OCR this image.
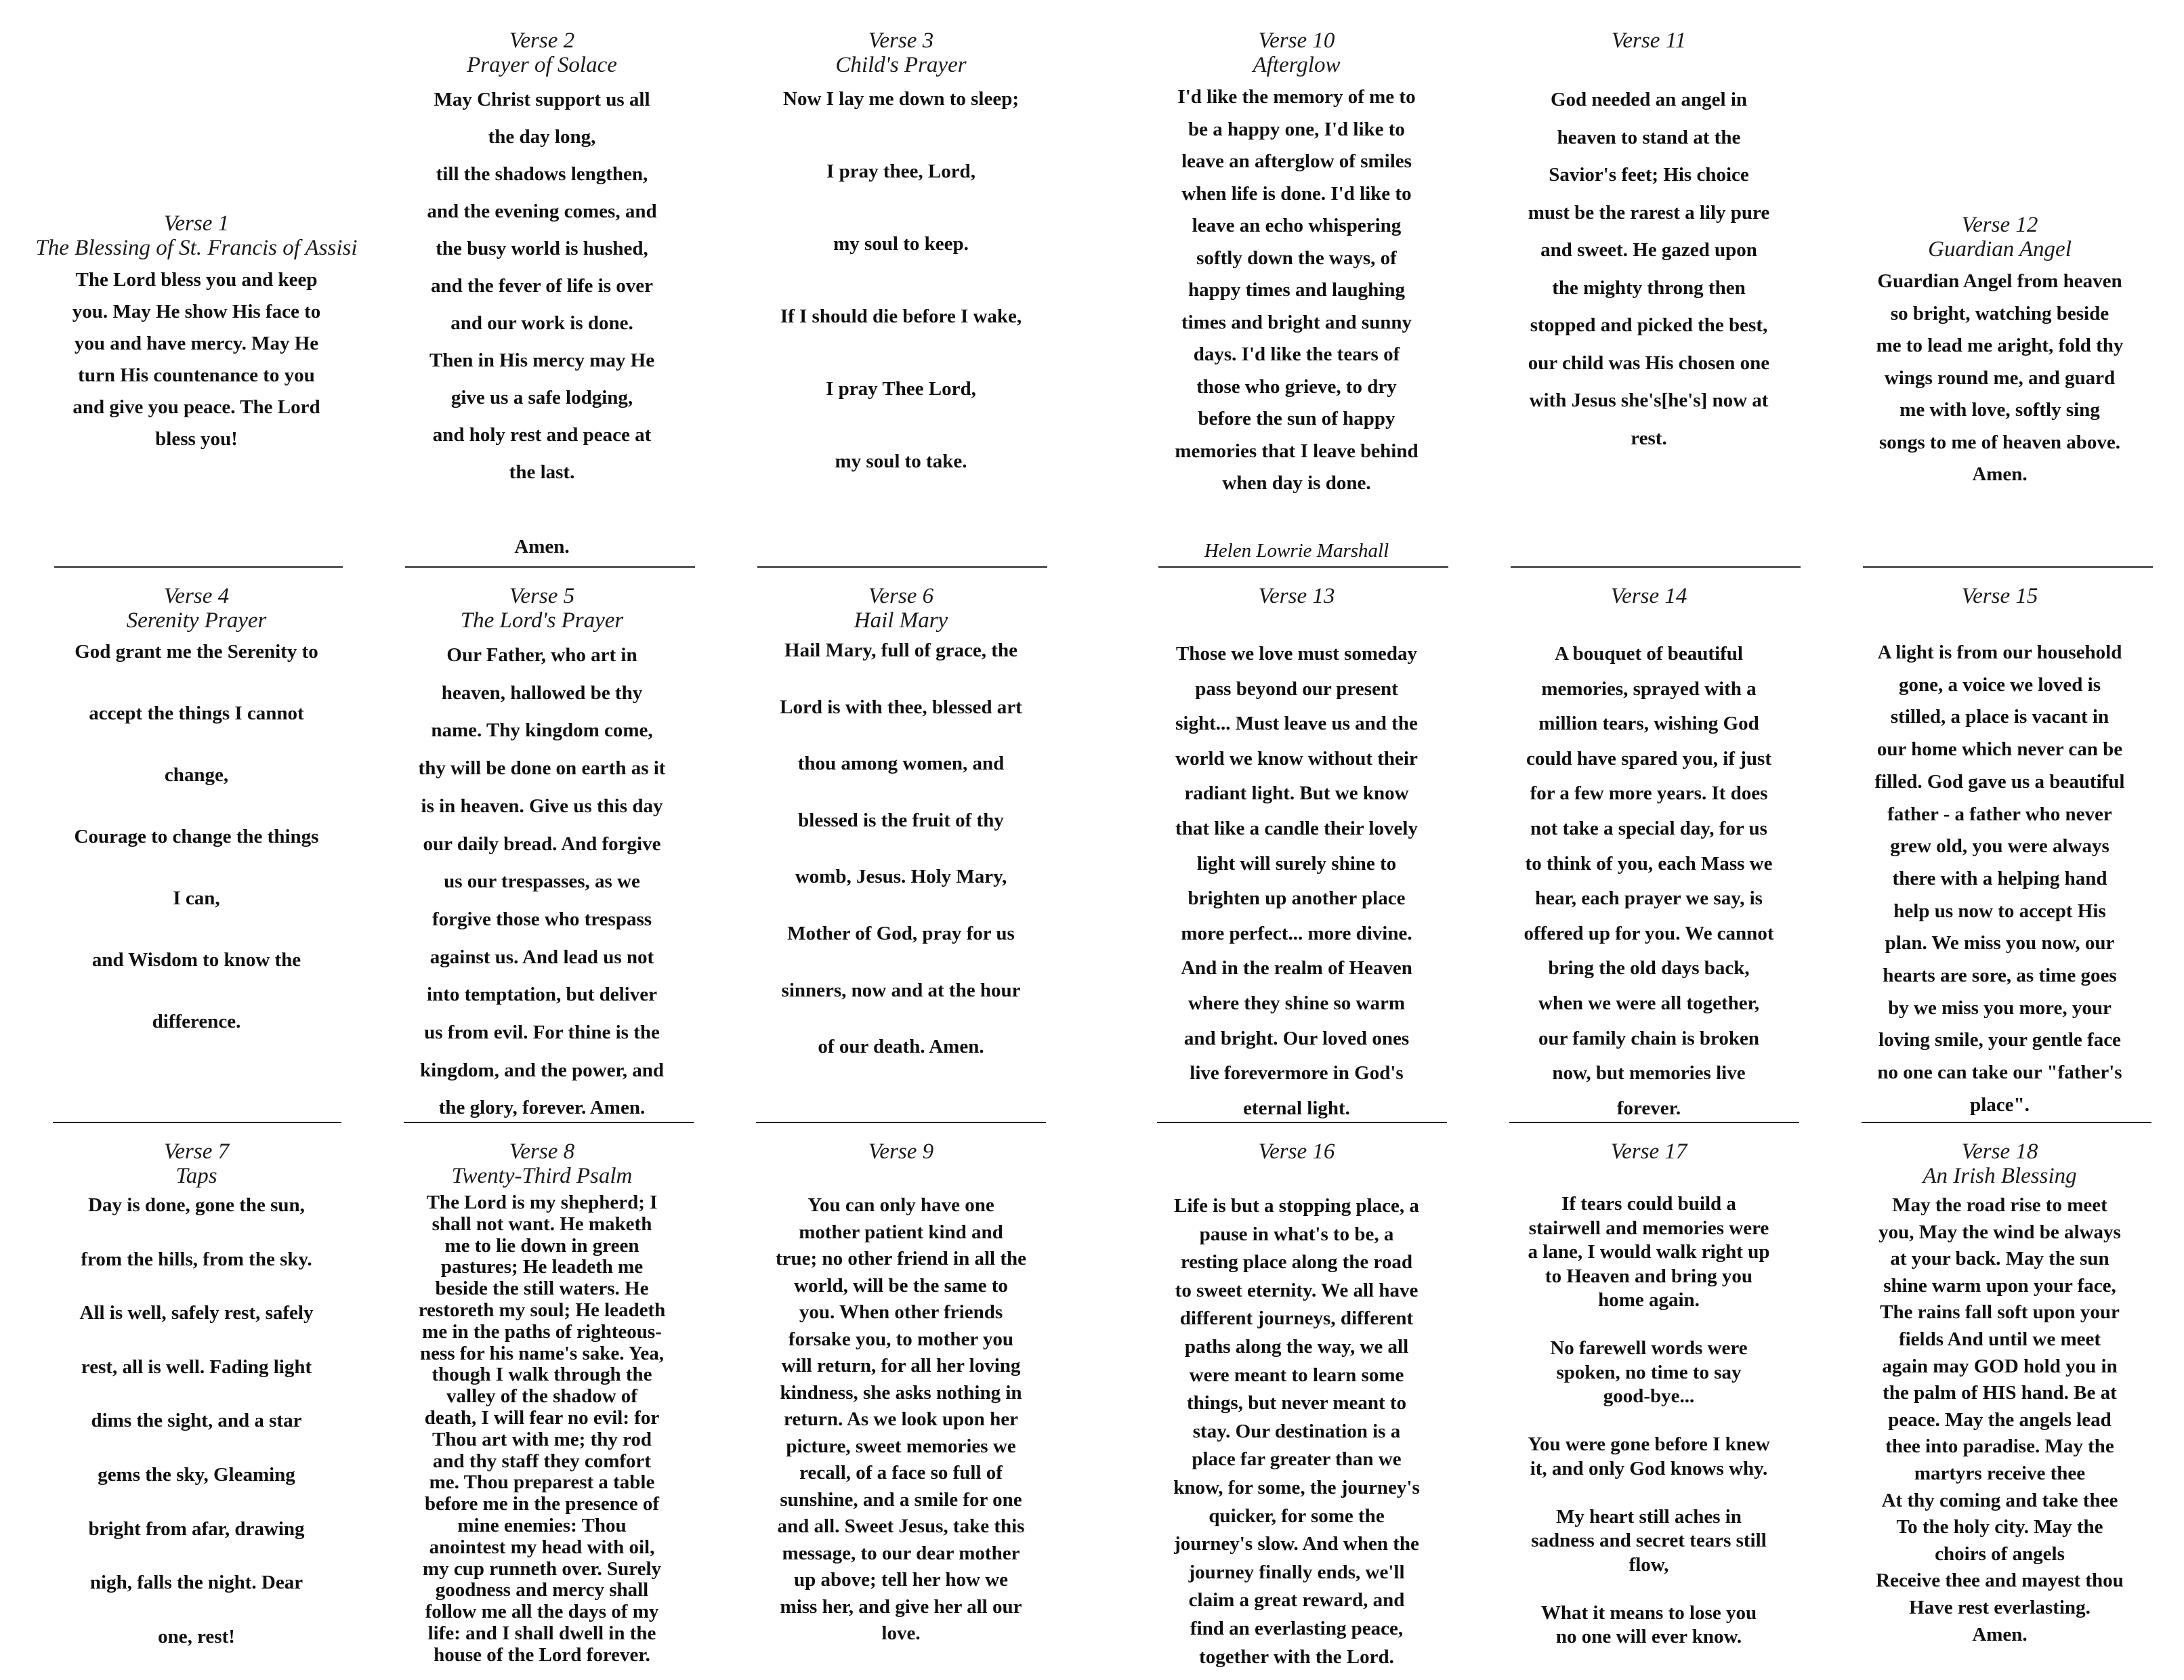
Verse 1
The Blessing of St. Francis of Assisi
The Lord bless you and keep
you. May He show His face to
you and have mercy. May He
turn His countenance to you
and give you peace. The Lord
bless you!
Verse 2
Prayer of Solace
May Christ support us all
the day long,
till the shadows lengthen,
and the evening comes, and
the busy world is hushed,
and the fever of life is over
and our work is done.
Then in His mercy may He
give us a safe lodging,
and holy rest and peace at
the last.

Amen.
Verse 3
Child's Prayer
Now I lay me down to sleep;

I pray thee, Lord,

my soul to keep.

If I should die before I wake,

I pray Thee Lord,

my soul to take.
Verse 10
Afterglow
I'd like the memory of me to
be a happy one, I'd like to
leave an afterglow of smiles
when life is done. I'd like to
leave an echo whispering
softly down the ways, of
happy times and laughing
times and bright and sunny
days. I'd like the tears of
those who grieve, to dry
before the sun of happy
memories that I leave behind
when day is done.
Helen Lowrie Marshall
Verse 11
God needed an angel in
heaven to stand at the
Savior's feet; His choice
must be the rarest a lily pure
and sweet. He gazed upon
the mighty throng then
stopped and picked the best,
our child was His chosen one
with Jesus she's[he's] now at
rest.
Verse 12
Guardian Angel
Guardian Angel from heaven
so bright, watching beside
me to lead me aright, fold thy
wings round me, and guard
me with love, softly sing
songs to me of heaven above.
Amen.
Verse 4
Serenity Prayer
God grant me the Serenity to

accept the things I cannot

change,

Courage to change the things

I can,

and Wisdom to know the

difference.
Verse 5
The Lord's Prayer
Our Father, who art in
heaven, hallowed be thy
name. Thy kingdom come,
thy will be done on earth as it
is in heaven. Give us this day
our daily bread. And forgive
us our trespasses, as we
forgive those who trespass
against us. And lead us not
into temptation, but deliver
us from evil. For thine is the
kingdom, and the power, and
the glory, forever. Amen.
Verse 6
Hail Mary
Hail Mary, full of grace, the

Lord is with thee, blessed art

thou among women, and

blessed is the fruit of thy

womb, Jesus. Holy Mary,

Mother of God, pray for us

sinners, now and at the hour

of our death. Amen.
Verse 13
Those we love must someday
pass beyond our present
sight... Must leave us and the
world we know without their
radiant light. But we know
that like a candle their lovely
light will surely shine to
brighten up another place
more perfect... more divine.
And in the realm of Heaven
where they shine so warm
and bright. Our loved ones
live forevermore in God's
eternal light.
Verse 14
A bouquet of beautiful
memories, sprayed with a
million tears, wishing God
could have spared you, if just
for a few more years. It does
not take a special day, for us
to think of you, each Mass we
hear, each prayer we say, is
offered up for you. We cannot
bring the old days back,
when we were all together,
our family chain is broken
now, but memories live
forever.
Verse 15
A light is from our household
gone, a voice we loved is
stilled, a place is vacant in
our home which never can be
filled. God gave us a beautiful
father - a father who never
grew old, you were always
there with a helping hand
help us now to accept His
plan. We miss you now, our
hearts are sore, as time goes
by we miss you more, your
loving smile, your gentle face
no one can take our "father's
place".
Verse 7
Taps
Day is done, gone the sun,

from the hills, from the sky.

All is well, safely rest, safely

rest, all is well. Fading light

dims the sight, and a star

gems the sky, Gleaming

bright from afar, drawing

nigh, falls the night. Dear

one, rest!
Verse 8
Twenty-Third Psalm
The Lord is my shepherd; I
shall not want. He maketh
me to lie down in green
pastures; He leadeth me
beside the still waters. He
restoreth my soul; He leadeth
me in the paths of righteous-
ness for his name's sake. Yea,
though I walk through the
valley of the shadow of
death, I will fear no evil: for
Thou art with me; thy rod
and thy staff they comfort
me. Thou preparest a table
before me in the presence of
mine enemies: Thou
anointest my head with oil,
my cup runneth over. Surely
goodness and mercy shall
follow me all the days of my
life: and I shall dwell in the
house of the Lord forever.
Verse 9
You can only have one
mother patient kind and
true; no other friend in all the
world, will be the same to
you. When other friends
forsake you, to mother you
will return, for all her loving
kindness, she asks nothing in
return. As we look upon her
picture, sweet memories we
recall, of a face so full of
sunshine, and a smile for one
and all. Sweet Jesus, take this
message, to our dear mother
up above; tell her how we
miss her, and give her all our
love.
Verse 16
Life is but a stopping place, a
pause in what's to be, a
resting place along the road
to sweet eternity. We all have
different journeys, different
paths along the way, we all
were meant to learn some
things, but never meant to
stay. Our destination is a
place far greater than we
know, for some, the journey's
quicker, for some the
journey's slow. And when the
journey finally ends, we'll
claim a great reward, and
find an everlasting peace,
together with the Lord.
Verse 17
If tears could build a
stairwell and memories were
a lane, I would walk right up
to Heaven and bring you
home again.

No farewell words were
spoken, no time to say
good-bye...

You were gone before I knew
it, and only God knows why.

My heart still aches in
sadness and secret tears still
flow,

What it means to lose you
no one will ever know.
Verse 18
An Irish Blessing
May the road rise to meet
you, May the wind be always
at your back. May the sun
shine warm upon your face,
The rains fall soft upon your
fields And until we meet
again may GOD hold you in
the palm of HIS hand. Be at
peace. May the angels lead
thee into paradise. May the
martyrs receive thee
At thy coming and take thee
To the holy city. May the
choirs of angels
Receive thee and mayest thou
Have rest everlasting.
Amen.
